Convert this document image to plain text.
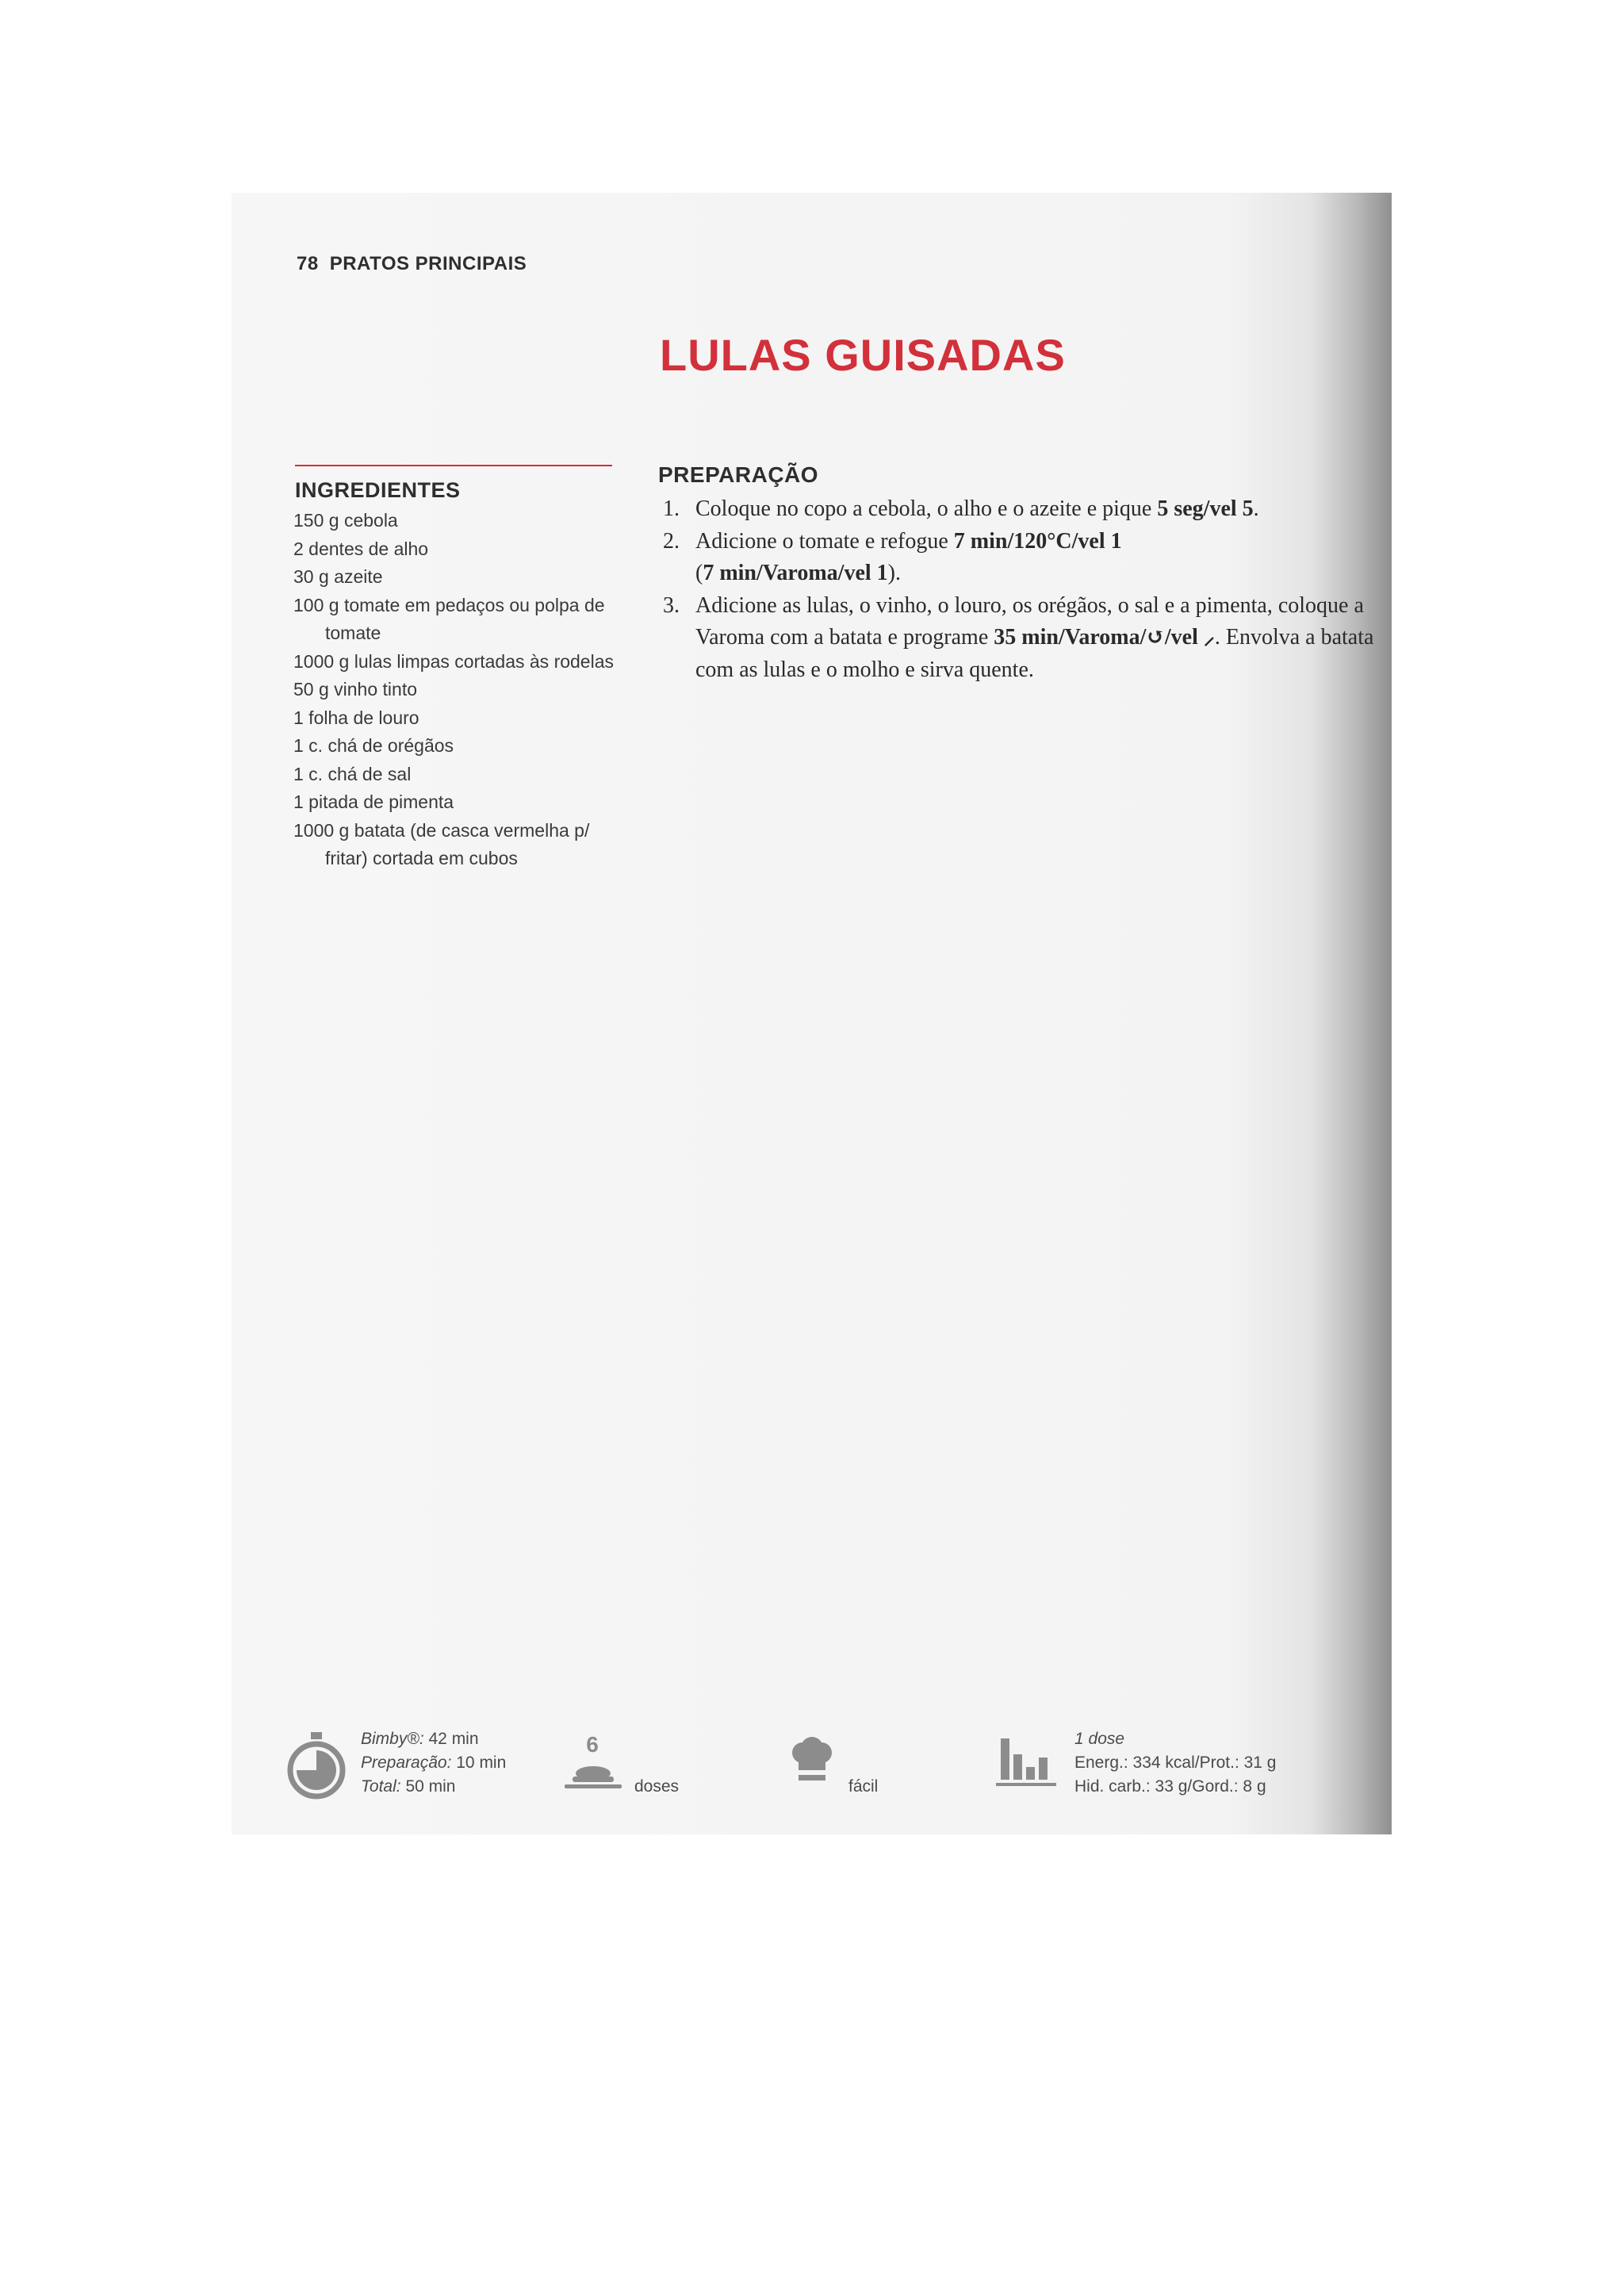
78 PRATOS PRINCIPAIS
LULAS GUISADAS
INGREDIENTES
150 g cebola
2 dentes de alho
30 g azeite
100 g tomate em pedaços ou polpa de tomate
1000 g lulas limpas cortadas às rodelas
50 g vinho tinto
1 folha de louro
1 c. chá de orégãos
1 c. chá de sal
1 pitada de pimenta
1000 g batata (de casca vermelha p/ fritar) cortada em cubos
PREPARAÇÃO
1. Coloque no copo a cebola, o alho e o azeite e pique 5 seg/vel 5.
2. Adicione o tomate e refogue 7 min/120°C/vel 1
(7 min/Varoma/vel 1).
3. Adicione as lulas, o vinho, o louro, os orégãos, o sal e a pimenta, coloque a Varoma com a batata e programe 35 min/Varoma/↺/vel ⸝. Envolva a batata com as lulas e o molho e sirva quente.
Bimby®: 42 min
Preparação: 10 min
Total: 50 min
6
doses	fácil
1 dose
Energ.: 334 kcal/Prot.: 31 g
Hid. carb.: 33 g/Gord.: 8 g
